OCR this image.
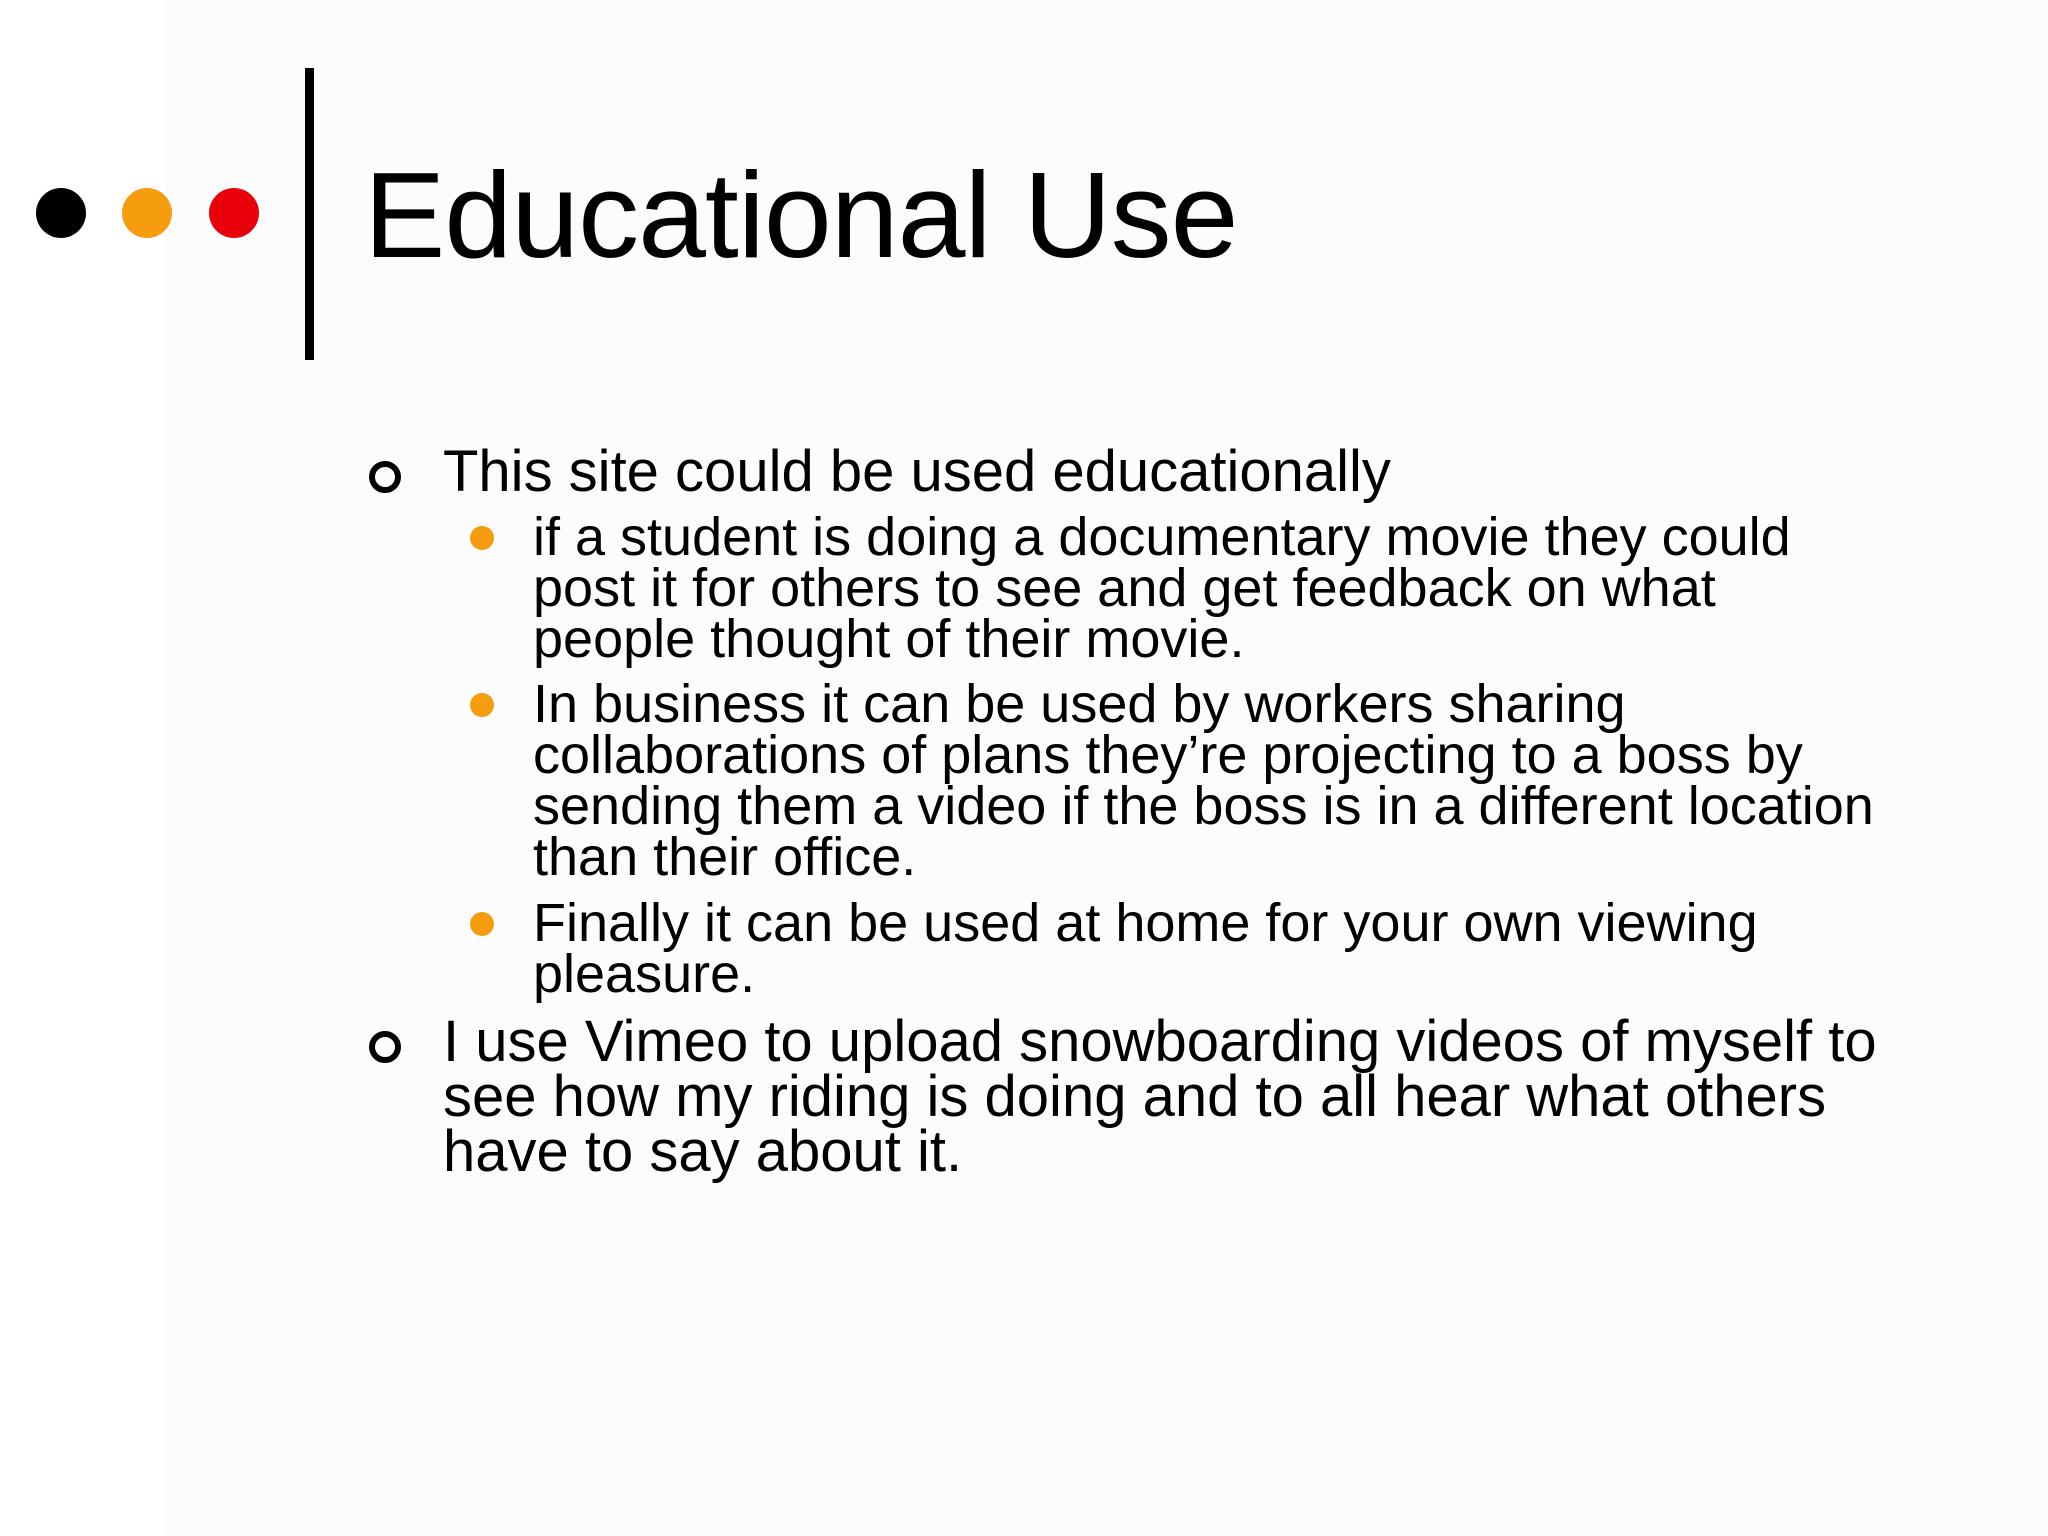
Educational Use
This site could be used educationally
if a student is doing a documentary movie they could post it for others to see and get feedback on what people thought of their movie.
In business it can be used by workers sharing collaborations of plans they’re projecting to a boss by sending them a video if the boss is in a different location than their office.
Finally it can be used at home for your own viewing pleasure.
I use Vimeo to upload snowboarding videos of myself to see how my riding is doing and to all hear what others have to say about it.
